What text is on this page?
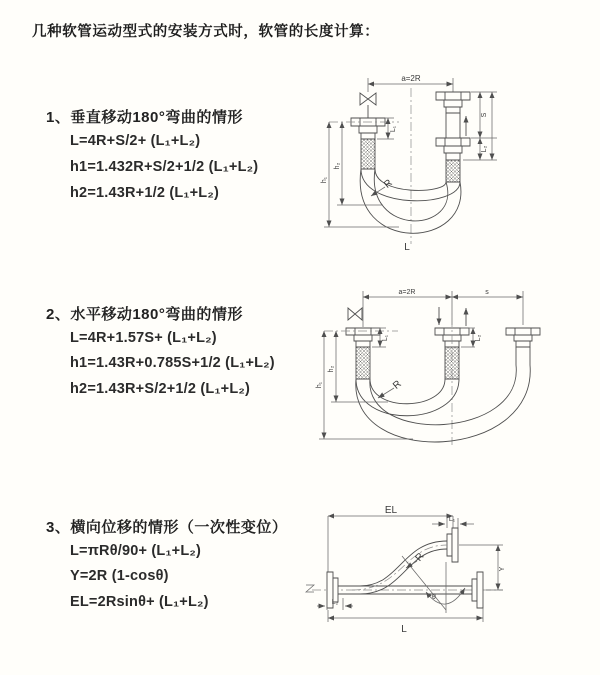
几种软管运动型式的安装方式时，软管的长度计算：
1、垂直移动180°弯曲的情形
L=4R+S/2+ (L₁+L₂)
h1=1.432R+S/2+1/2 (L₁+L₂)
h2=1.43R+1/2 (L₁+L₂)
2、水平移动180°弯曲的情形
L=4R+1.57S+ (L₁+L₂)
h1=1.43R+0.785S+1/2 (L₁+L₂)
h2=1.43R+S/2+1/2 (L₁+L₂)
3、横向位移的情形（一次性变位）
L=πRθ/90+ (L₁+L₂)
Y=2R (1-cosθ)
EL=2Rsinθ+ (L₁+L₂)
a=2R
h₂
h₁
L₁
S
L₂
R
L
a=2R	s
h₁
h₂
L₁	L₂
R
EL
L₁
θ
R
Y
L₂
L
